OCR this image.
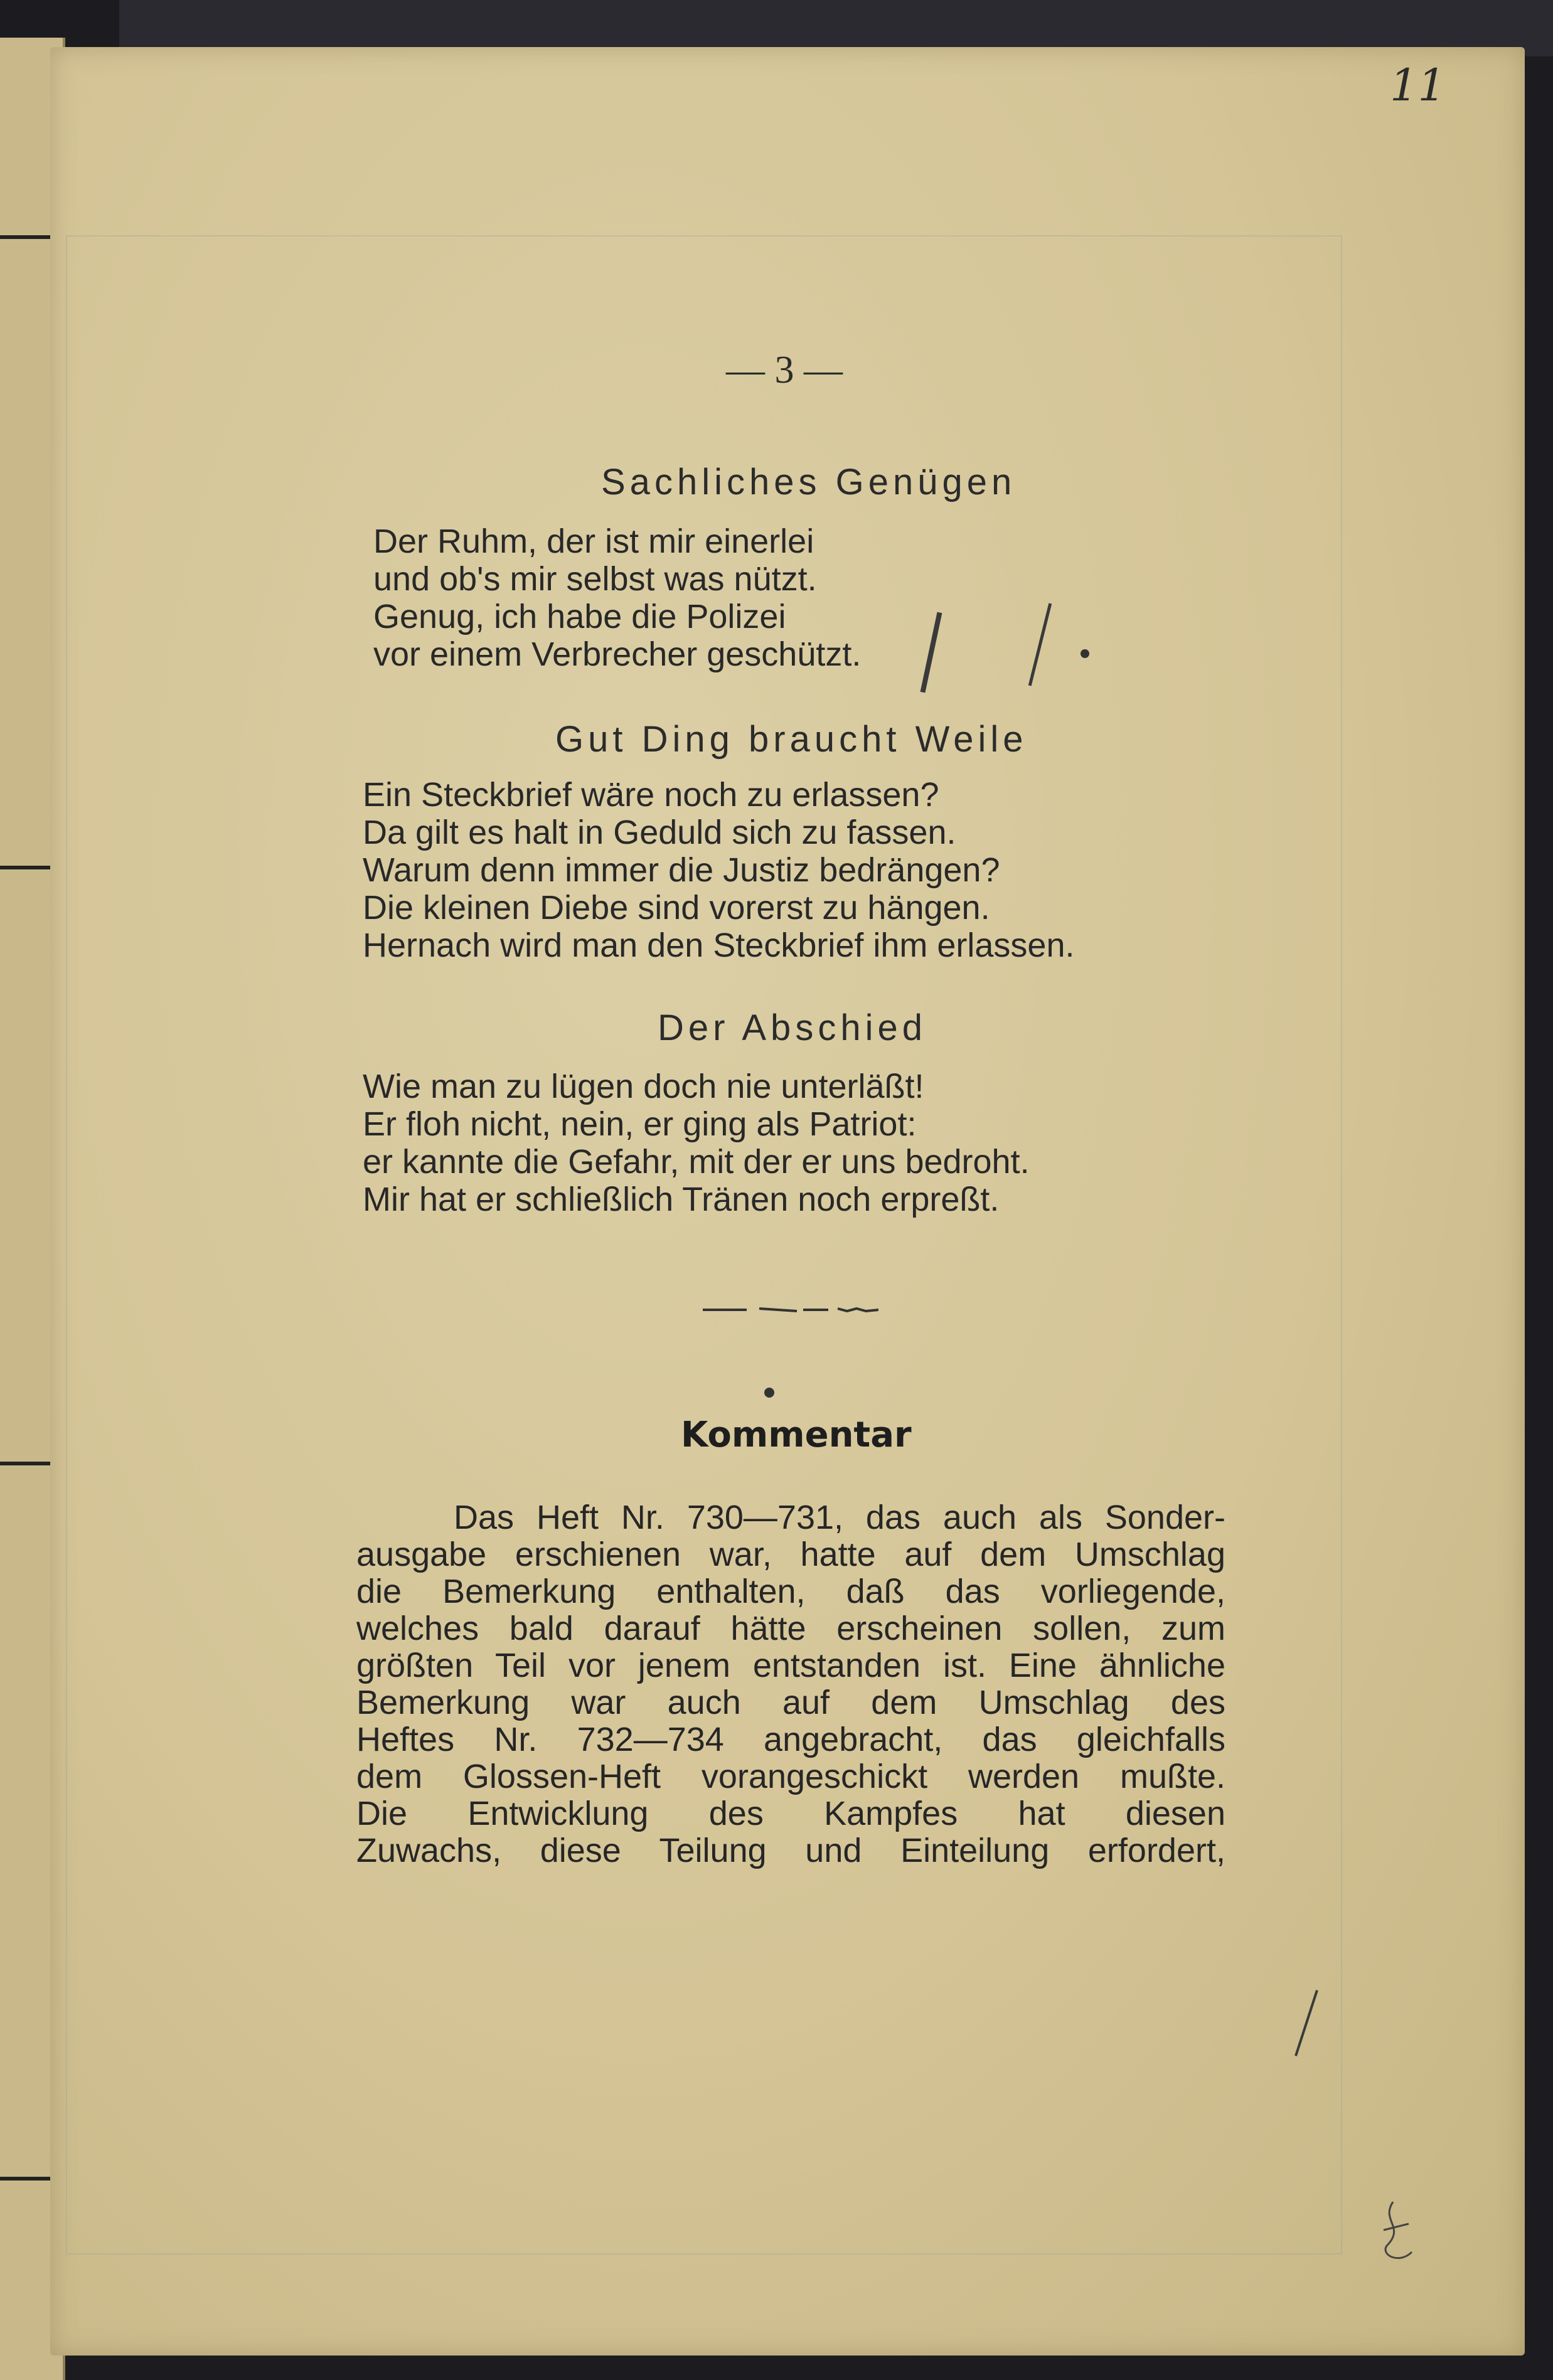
11
— 3 —
Sachliches Genügen
Der Ruhm, der ist mir einerlei
und ob's mir selbst was nützt.
Genug, ich habe die Polizei
vor einem Verbrecher geschützt.
Gut Ding braucht Weile
Ein Steckbrief wäre noch zu erlassen?
Da gilt es halt in Geduld sich zu fassen.
Warum denn immer die Justiz bedrängen?
Die kleinen Diebe sind vorerst zu hängen.
Hernach wird man den Steckbrief ihm erlassen.
Der Abschied
Wie man zu lügen doch nie unterläßt!
Er floh nicht, nein, er ging als Patriot:
er kannte die Gefahr, mit der er uns bedroht.
Mir hat er schließlich Tränen noch erpreßt.
Kommentar
Das Heft Nr. 730—731, das auch als Sonder-
ausgabe erschienen war, hatte auf dem Umschlag
die Bemerkung enthalten, daß das vorliegende,
welches bald darauf hätte erscheinen sollen, zum
größten Teil vor jenem entstanden ist. Eine ähnliche
Bemerkung war auch auf dem Umschlag des
Heftes Nr. 732—734 angebracht, das gleichfalls
dem Glossen-Heft vorangeschickt werden mußte.
Die Entwicklung des Kampfes hat diesen
Zuwachs, diese Teilung und Einteilung erfordert,
